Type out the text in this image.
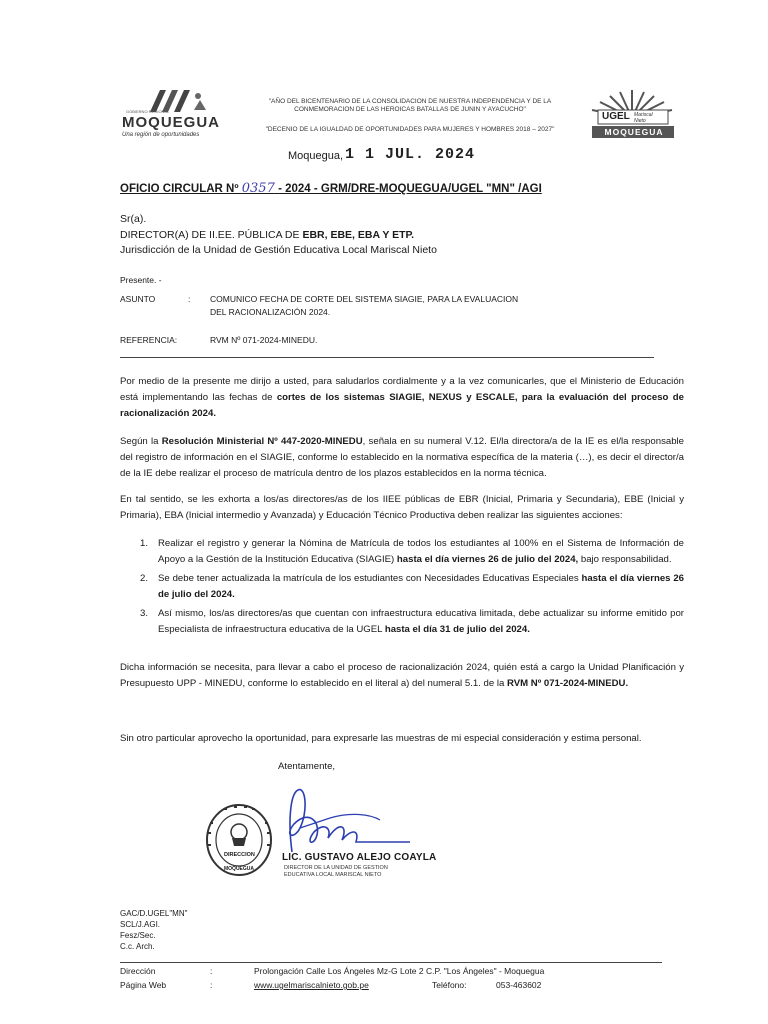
GOBIERNO REGIONAL
MOQUEGUA
Una región de oportunidades
"AÑO DEL BICENTENARIO DE LA CONSOLIDACION DE NUESTRA INDEPENDENCIA Y DE LA CONMEMORACION DE LAS HEROICAS BATALLAS DE JUNIN Y AYACUCHO"
"DECENIO DE LA IGUALDAD DE OPORTUNIDADES PARA MUJERES Y HOMBRES 2018 – 2027"
UGEL Mariscal Nieto
MOQUEGUA
Moquegua, 1 1 JUL. 2024
OFICIO CIRCULAR Nº 0357 - 2024 - GRM/DRE-MOQUEGUA/UGEL "MN" /AGI
Sr(a).
DIRECTOR(A) DE II.EE. PÚBLICA DE EBR, EBE, EBA Y ETP.
Jurisdicción de la Unidad de Gestión Educativa Local Mariscal Nieto
Presente. -
ASUNTO	: COMUNICO FECHA DE CORTE DEL SISTEMA SIAGIE, PARA LA EVALUACION
DEL RACIONALIZACIÓN 2024.
REFERENCIA:	RVM Nº 071-2024-MINEDU.
Por medio de la presente me dirijo a usted, para saludarlos cordialmente y a la vez comunicarles, que el Ministerio de Educación está implementando las fechas de cortes de los sistemas SIAGIE, NEXUS y ESCALE, para la evaluación del proceso de racionalización 2024.
Según la Resolución Ministerial Nº 447-2020-MINEDU, señala en su numeral V.12. El/la directora/a de la IE es el/la responsable del registro de información en el SIAGIE, conforme lo establecido en la normativa específica de la materia (…), es decir el director/a de la IE debe realizar el proceso de matrícula dentro de los plazos establecidos en la norma técnica.
En tal sentido, se les exhorta a los/as directores/as de los IIEE públicas de EBR (Inicial, Primaria y Secundaria), EBE (Inicial y Primaria), EBA (Inicial intermedio y Avanzada) y Educación Técnico Productiva deben realizar las siguientes acciones:
1. Realizar el registro y generar la Nómina de Matrícula de todos los estudiantes al 100% en el Sistema de Información de Apoyo a la Gestión de la Institución Educativa (SIAGIE) hasta el día viernes 26 de julio del 2024, bajo responsabilidad.
2. Se debe tener actualizada la matrícula de los estudiantes con Necesidades Educativas Especiales hasta el día viernes 26 de julio del 2024.
3. Así mismo, los/as directores/as que cuentan con infraestructura educativa limitada, debe actualizar su informe emitido por Especialista de infraestructura educativa de la UGEL hasta el día 31 de julio del 2024.
Dicha información se necesita, para llevar a cabo el proceso de racionalización 2024, quién está a cargo la Unidad Planificación y Presupuesto UPP - MINEDU, conforme lo establecido en el literal a) del numeral 5.1. de la RVM Nº 071-2024-MINEDU.
Sin otro particular aprovecho la oportunidad, para expresarle las muestras de mi especial consideración y estima personal.
Atentamente,
DIRECCION
MOQUEGUA
LIC. GUSTAVO ALEJO COAYLA
DIRECTOR DE LA UNIDAD DE GESTION
EDUCATIVA LOCAL MARISCAL NIETO
GAC/D.UGEL"MN"
SCL/J.AGI.
Fesz/Sec.
C.c. Arch.
Dirección	:	Prolongación Calle Los Ángeles Mz-G Lote 2 C.P. "Los Ángeles" - Moquegua
Página Web	:	www.ugelmariscalnieto.gob.pe	Teléfono:	053-463602
